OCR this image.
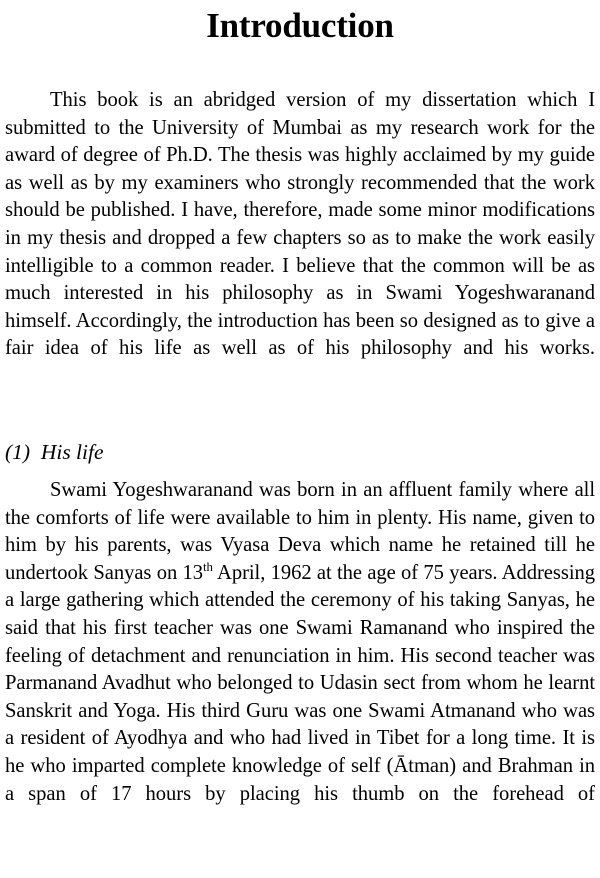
Introduction

This book is an abridged version of my dissertation which I submitted to the University of Mumbai as my research work for the award of degree of Ph.D. The thesis was highly acclaimed by my guide as well as by my examiners who strongly recommended that the work should be published. I have, therefore, made some minor modifications in my thesis and dropped a few chapters so as to make the work easily intelligible to a common reader. I believe that the common will be as much interested in his philosophy as in Swami Yogeshwaranand himself. Accordingly, the introduction has been so designed as to give a fair idea of his life as well as of his philosophy and his works.

(1)  His life

Swami Yogeshwaranand was born in an affluent family where all the comforts of life were available to him in plenty. His name, given to him by his parents, was Vyasa Deva which name he retained till he undertook Sanyas on 13th April, 1962 at the age of 75 years. Addressing a large gathering which attended the ceremony of his taking Sanyas, he said that his first teacher was one Swami Ramanand who inspired the feeling of detachment and renunciation in him. His second teacher was Parmanand Avadhut who belonged to Udasin sect from whom he learnt Sanskrit and Yoga. His third Guru was one Swami Atmanand who was a resident of Ayodhya and who had lived in Tibet for a long time. It is he who imparted complete knowledge of self (Ātman) and Brahman in a span of 17 hours by placing his thumb on the forehead of
